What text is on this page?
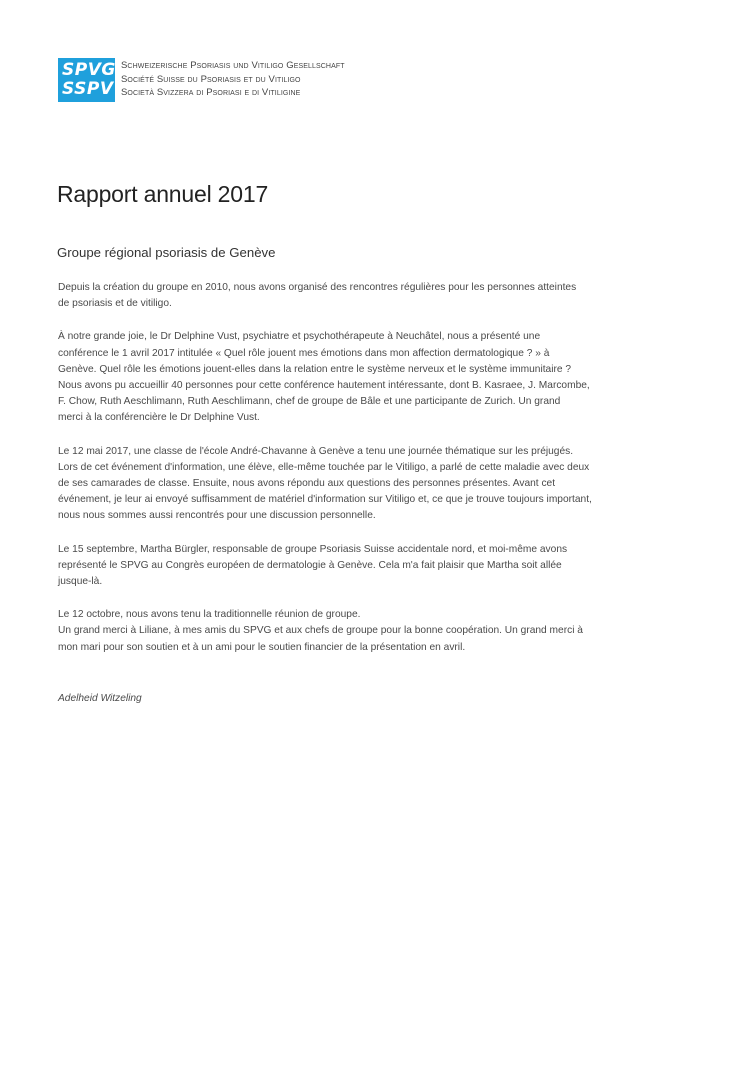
SPVG
SSPV
Schweizerische Psoriasis und Vitiligo Gesellschaft
Société Suisse du Psoriasis et du Vitiligo
Società Svizzera di Psoriasi e di Vitiligine
Rapport annuel 2017
Groupe régional psoriasis de Genève

Depuis la création du groupe en 2010, nous avons organisé des rencontres régulières pour les personnes atteintes
de psoriasis et de vitiligo.

À notre grande joie, le Dr Delphine Vust, psychiatre et psychothérapeute à Neuchâtel, nous a présenté une
conférence le 1 avril 2017 intitulée « Quel rôle jouent mes émotions dans mon affection dermatologique ? » à
Genève. Quel rôle les émotions jouent-elles dans la relation entre le système nerveux et le système immunitaire ?
Nous avons pu accueillir 40 personnes pour cette conférence hautement intéressante, dont B. Kasraee, J. Marcombe,
F. Chow, Ruth Aeschlimann, Ruth Aeschlimann, chef de groupe de Bâle et une participante de Zurich. Un grand
merci à la conférencière le Dr Delphine Vust.

Le 12 mai 2017, une classe de l'école André-Chavanne à Genève a tenu une journée thématique sur les préjugés.
Lors de cet événement d'information, une élève, elle-même touchée par le Vitiligo, a parlé de cette maladie avec deux
de ses camarades de classe. Ensuite, nous avons répondu aux questions des personnes présentes. Avant cet
événement, je leur ai envoyé suffisamment de matériel d'information sur Vitiligo et, ce que je trouve toujours important,
nous nous sommes aussi rencontrés pour une discussion personnelle.

Le 15 septembre, Martha Bürgler, responsable de groupe Psoriasis Suisse accidentale nord, et moi-même avons
représenté le SPVG au Congrès européen de dermatologie à Genève. Cela m'a fait plaisir que Martha soit allée
jusque-là.

Le 12 octobre, nous avons tenu la traditionnelle réunion de groupe.
Un grand merci à Liliane, à mes amis du SPVG et aux chefs de groupe pour la bonne coopération. Un grand merci à
mon mari pour son soutien et à un ami pour le soutien financier de la présentation en avril.

Adelheid Witzeling
